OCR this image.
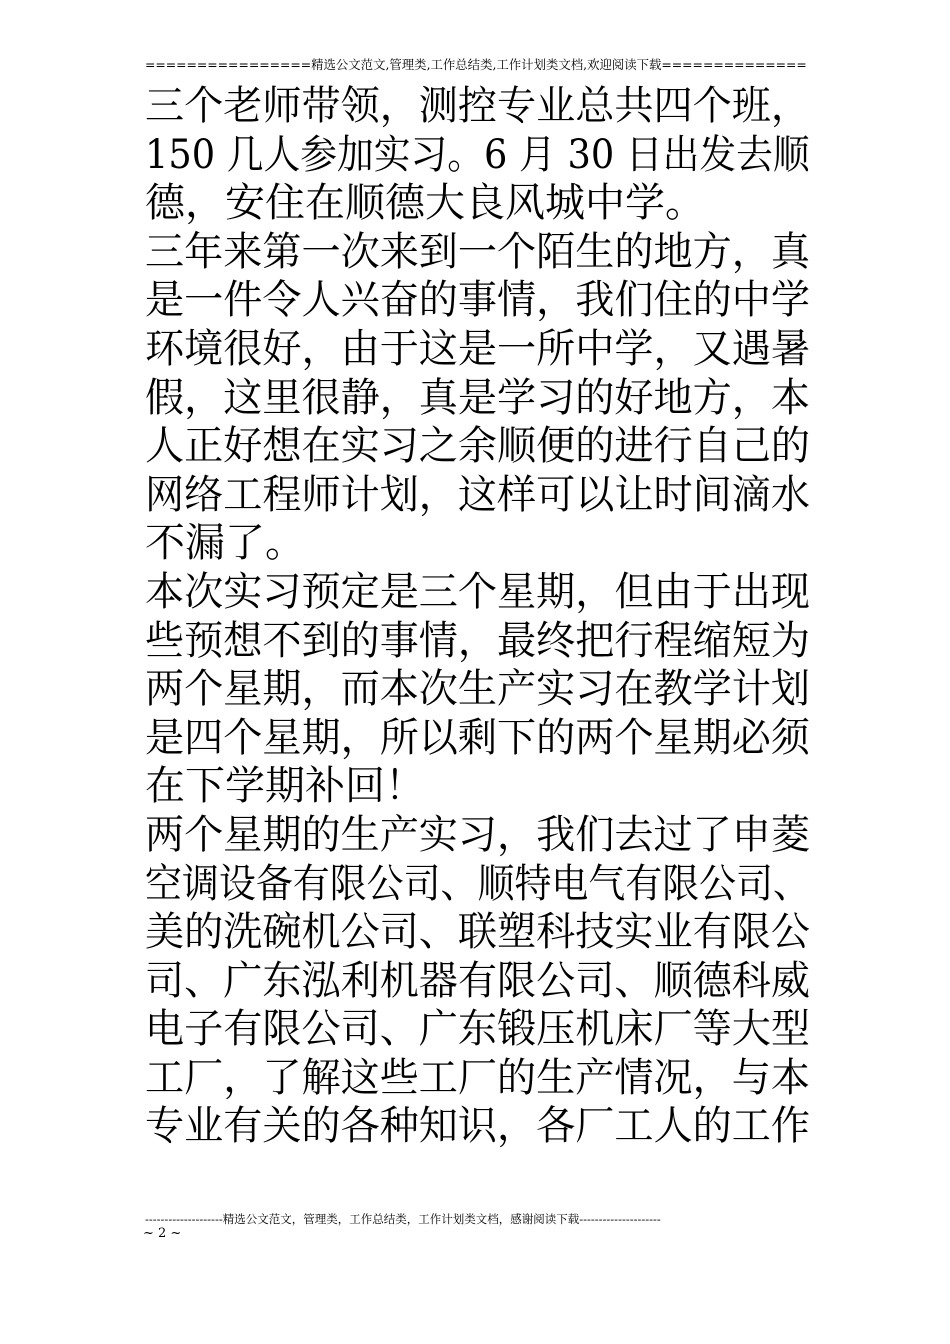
================精选公文范文,管理类,工作总结类,工作计划类文档,欢迎阅读下载==============
三个老师带领，测控专业总共四个班，
150 几人参加实习。6 月 30 日出发去顺
德，安住在顺德大良风城中学。
三年来第一次来到一个陌生的地方，真
是一件令人兴奋的事情，我们住的中学
环境很好，由于这是一所中学，又遇暑
假，这里很静，真是学习的好地方，本
人正好想在实习之余顺便的进行自己的
网络工程师计划，这样可以让时间滴水
不漏了。
本次实习预定是三个星期，但由于出现
些预想不到的事情，最终把行程缩短为
两个星期，而本次生产实习在教学计划
是四个星期，所以剩下的两个星期必须
在下学期补回！
两个星期的生产实习，我们去过了申菱
空调设备有限公司、顺特电气有限公司、
美的洗碗机公司、联塑科技实业有限公
司、广东泓利机器有限公司、顺德科威
电子有限公司、广东锻压机床厂等大型
工厂，了解这些工厂的生产情况，与本
专业有关的各种知识，各厂工人的工作
--------------------精选公文范文，管理类，工作总结类，工作计划类文档，感谢阅读下载---------------------
~ 2 ~
